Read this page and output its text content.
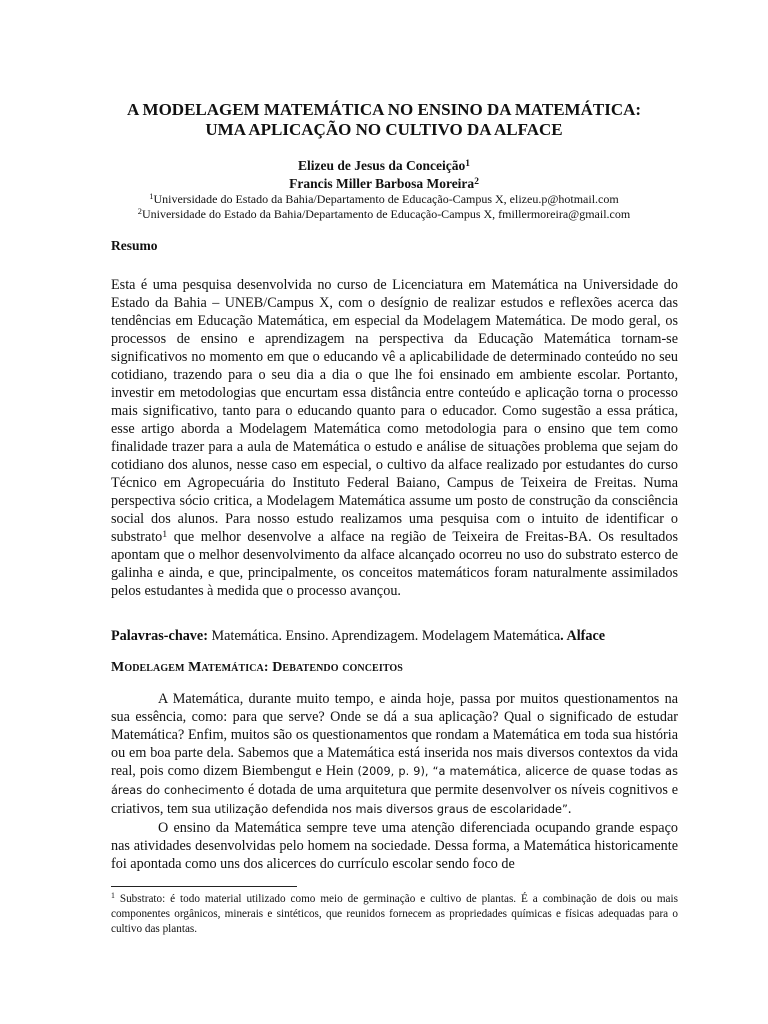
A MODELAGEM MATEMÁTICA NO ENSINO DA MATEMÁTICA:
UMA APLICAÇÃO NO CULTIVO DA ALFACE
Elizeu de Jesus da Conceição$^1$
Francis Miller Barbosa Moreira$^2$
$^1$Universidade do Estado da Bahia/Departamento de Educação-Campus X, elizeu.p@hotmail.com
$^2$Universidade do Estado da Bahia/Departamento de Educação-Campus X, fmillermoreira@gmail.com
Resumo
Esta é uma pesquisa desenvolvida no curso de Licenciatura em Matemática na Universidade do Estado da Bahia – UNEB/Campus X, com o desígnio de realizar estudos e reflexões acerca das tendências em Educação Matemática, em especial da Modelagem Matemática. De modo geral, os processos de ensino e aprendizagem na perspectiva da Educação Matemática tornam-se significativos no momento em que o educando vê a aplicabilidade de determinado conteúdo no seu cotidiano, trazendo para o seu dia a dia o que lhe foi ensinado em ambiente escolar. Portanto, investir em metodologias que encurtam essa distância entre conteúdo e aplicação torna o processo mais significativo, tanto para o educando quanto para o educador. Como sugestão a essa prática, esse artigo aborda a Modelagem Matemática como metodologia para o ensino que tem como finalidade trazer para a aula de Matemática o estudo e análise de situações problema que sejam do cotidiano dos alunos, nesse caso em especial, o cultivo da alface realizado por estudantes do curso Técnico em Agropecuária do Instituto Federal Baiano, Campus de Teixeira de Freitas. Numa perspectiva sócio critica, a Modelagem Matemática assume um posto de construção da consciência social dos alunos. Para nosso estudo realizamos uma pesquisa com o intuito de identificar o substrato$^1$ que melhor desenvolve a alface na região de Teixeira de Freitas-BA. Os resultados apontam que o melhor desenvolvimento da alface alcançado ocorreu no uso do substrato esterco de galinha e ainda, e que, principalmente, os conceitos matemáticos foram naturalmente assimilados pelos estudantes à medida que o processo avançou.
Palavras-chave: Matemática. Ensino. Aprendizagem. Modelagem Matemática. Alface
Modelagem Matemática: Debatendo conceitos

A Matemática, durante muito tempo, e ainda hoje, passa por muitos questionamentos na sua essência, como: para que serve? Onde se dá a sua aplicação? Qual o significado de estudar Matemática? Enfim, muitos são os questionamentos que rondam a Matemática em toda sua história ou em boa parte dela. Sabemos que a Matemática está inserida nos mais diversos contextos da vida real, pois como dizem Biembengut e Hein (2009, p. 9), “a matemática, alicerce de quase todas as áreas do conhecimento é dotada de uma arquitetura que permite desenvolver os níveis cognitivos e criativos, tem sua utilização defendida nos mais diversos graus de escolaridade”.

O ensino da Matemática sempre teve uma atenção diferenciada ocupando grande espaço nas atividades desenvolvidas pelo homem na sociedade. Dessa forma, a Matemática historicamente foi apontada como uns dos alicerces do currículo escolar sendo foco de

$^1$ Substrato: é todo material utilizado como meio de germinação e cultivo de plantas. É a combinação de dois ou mais componentes orgânicos, minerais e sintéticos, que reunidos fornecem as propriedades químicas e físicas adequadas para o cultivo das plantas.
